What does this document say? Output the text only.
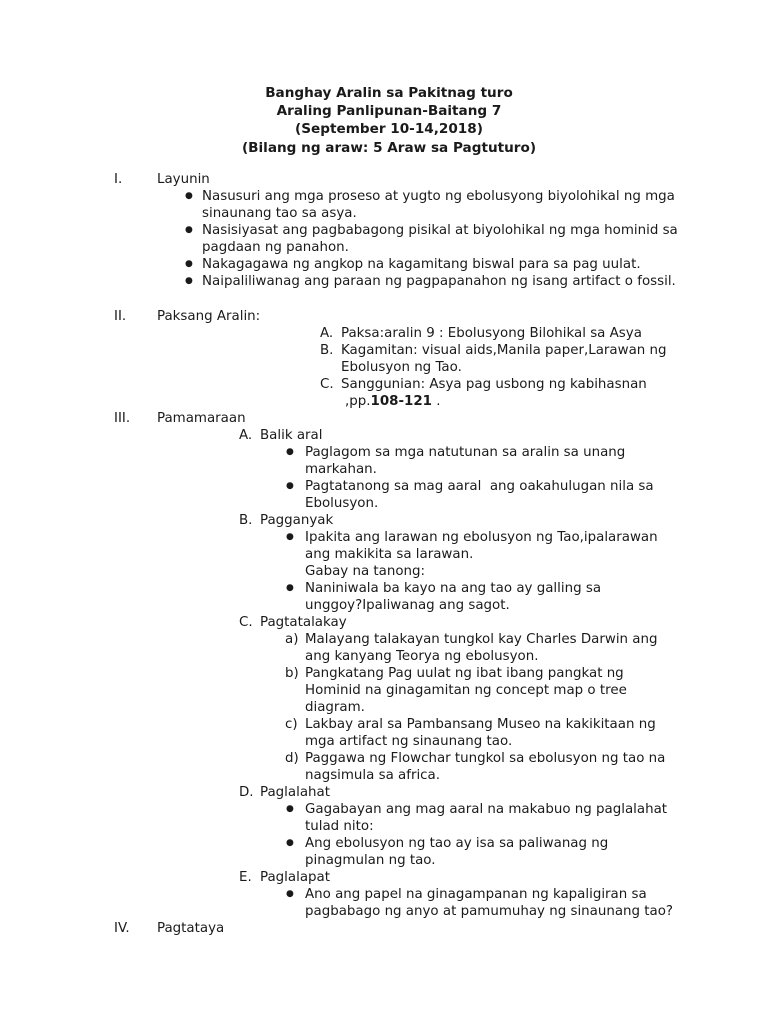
Banghay Aralin sa Pakitnag turo
Araling Panlipunan-Baitang 7
(September 10-14,2018)
(Bilang ng araw: 5 Araw sa Pagtuturo)
I.	Layunin
● Nasusuri ang mga proseso at yugto ng ebolusyong biyolohikal ng mga
sinaunang tao sa asya.
● Nasisiyasat ang pagbabagong pisikal at biyolohikal ng mga hominid sa
pagdaan ng panahon.
● Nakagagawa ng angkop na kagamitang biswal para sa pag uulat.
● Naipaliliwanag ang paraan ng pagpapanahon ng isang artifact o fossil.
II. Paksang Aralin:
A. Paksa:aralin 9 : Ebolusyong Bilohikal sa Asya
B. Kagamitan: visual aids,Manila paper,Larawan ng
Ebolusyon ng Tao.
C. Sanggunian: Asya pag usbong ng kabihasnan
,pp.108-121 .
III. Pamamaraan
A. Balik aral
● Paglagom sa mga natutunan sa aralin sa unang
markahan.
● Pagtatanong sa mag aaral  ang oakahulugan nila sa
Ebolusyon.
B. Pagganyak
● Ipakita ang larawan ng ebolusyon ng Tao,ipalarawan
ang makikita sa larawan.
Gabay na tanong:
● Naniniwala ba kayo na ang tao ay galling sa
unggoy?Ipaliwanag ang sagot.
C. Pagtatalakay
a) Malayang talakayan tungkol kay Charles Darwin ang
ang kanyang Teorya ng ebolusyon.
b) Pangkatang Pag uulat ng ibat ibang pangkat ng
Hominid na ginagamitan ng concept map o tree
diagram.
c) Lakbay aral sa Pambansang Museo na kakikitaan ng
mga artifact ng sinaunang tao.
d) Paggawa ng Flowchar tungkol sa ebolusyon ng tao na
nagsimula sa africa.
D. Paglalahat
● Gagabayan ang mag aaral na makabuo ng paglalahat
tulad nito:
● Ang ebolusyon ng tao ay isa sa paliwanag ng
pinagmulan ng tao.
E. Paglalapat
● Ano ang papel na ginagampanan ng kapaligiran sa
pagbabago ng anyo at pamumuhay ng sinaunang tao?
IV. Pagtataya
